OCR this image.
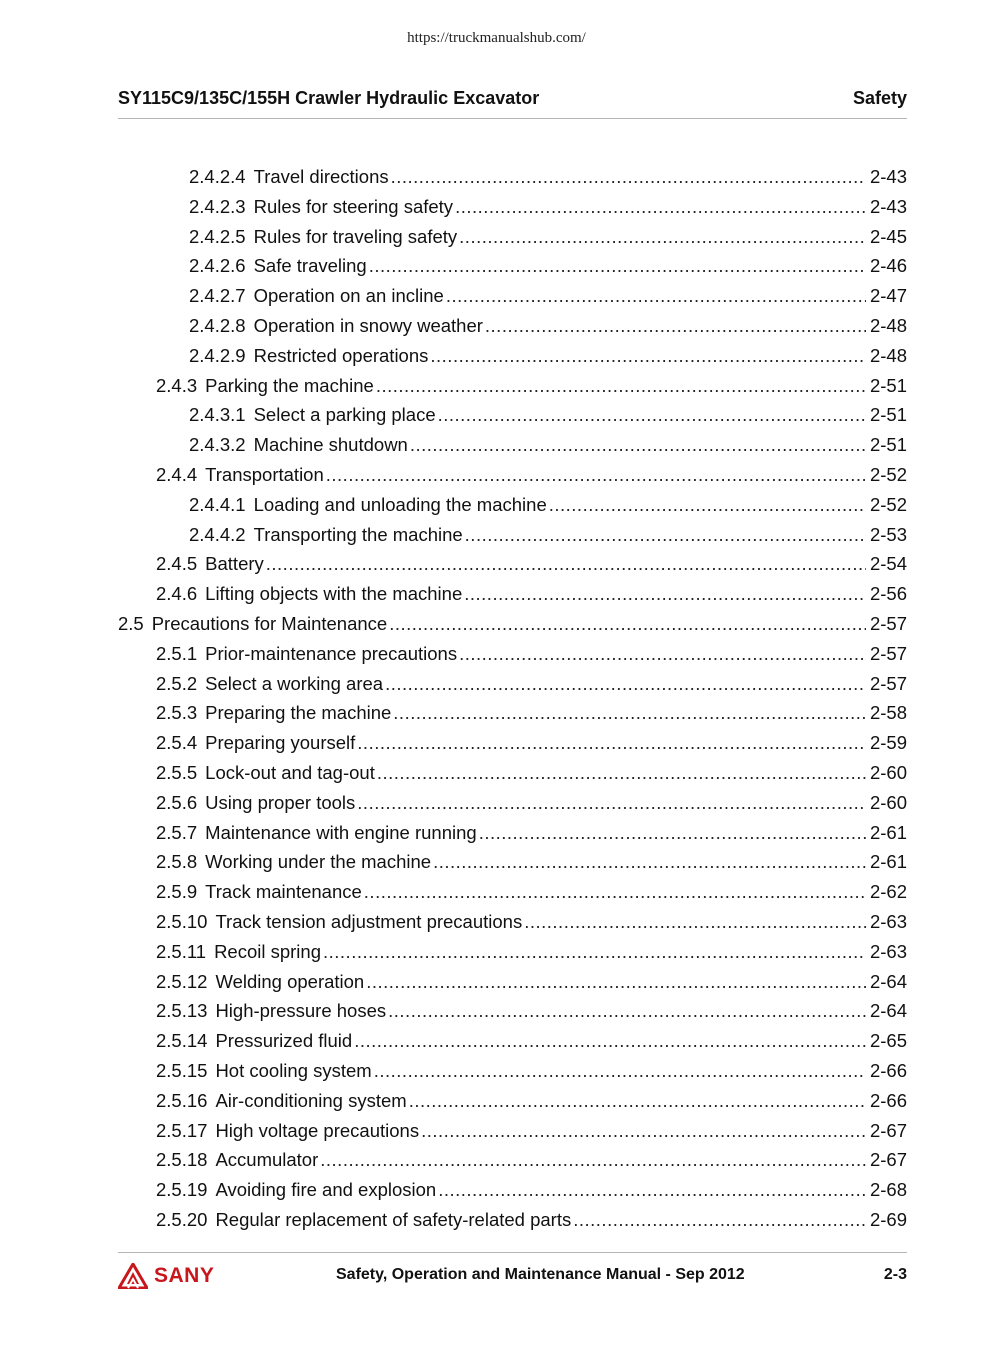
https://truckmanualshub.com/
SY115C9/135C/155H Crawler Hydraulic Excavator	Safety
2.4.2.4 Travel directions .....	2-43
2.4.2.3 Rules for steering safety .....	2-43
2.4.2.5 Rules for traveling safety .....	2-45
2.4.2.6 Safe traveling .....	2-46
2.4.2.7 Operation on an incline .....	2-47
2.4.2.8 Operation in snowy weather .....	2-48
2.4.2.9 Restricted operations .....	2-48
2.4.3 Parking the machine .....	2-51
2.4.3.1 Select a parking place .....	2-51
2.4.3.2 Machine shutdown .....	2-51
2.4.4 Transportation .....	2-52
2.4.4.1 Loading and unloading the machine .....	2-52
2.4.4.2 Transporting the machine .....	2-53
2.4.5 Battery .....	2-54
2.4.6 Lifting objects with the machine .....	2-56
2.5 Precautions for Maintenance .....	2-57
2.5.1 Prior-maintenance precautions .....	2-57
2.5.2 Select a working area .....	2-57
2.5.3 Preparing the machine .....	2-58
2.5.4 Preparing yourself .....	2-59
2.5.5 Lock-out and tag-out .....	2-60
2.5.6 Using proper tools .....	2-60
2.5.7 Maintenance with engine running .....	2-61
2.5.8 Working under the machine .....	2-61
2.5.9 Track maintenance .....	2-62
2.5.10 Track tension adjustment precautions .....	2-63
2.5.11 Recoil spring .....	2-63
2.5.12 Welding operation .....	2-64
2.5.13 High-pressure hoses .....	2-64
2.5.14 Pressurized fluid .....	2-65
2.5.15 Hot cooling system .....	2-66
2.5.16 Air-conditioning system .....	2-66
2.5.17 High voltage precautions .....	2-67
2.5.18 Accumulator .....	2-67
2.5.19 Avoiding fire and explosion .....	2-68
2.5.20 Regular replacement of safety-related parts .....	2-69
SANY	Safety, Operation and Maintenance Manual - Sep 2012	2-3
